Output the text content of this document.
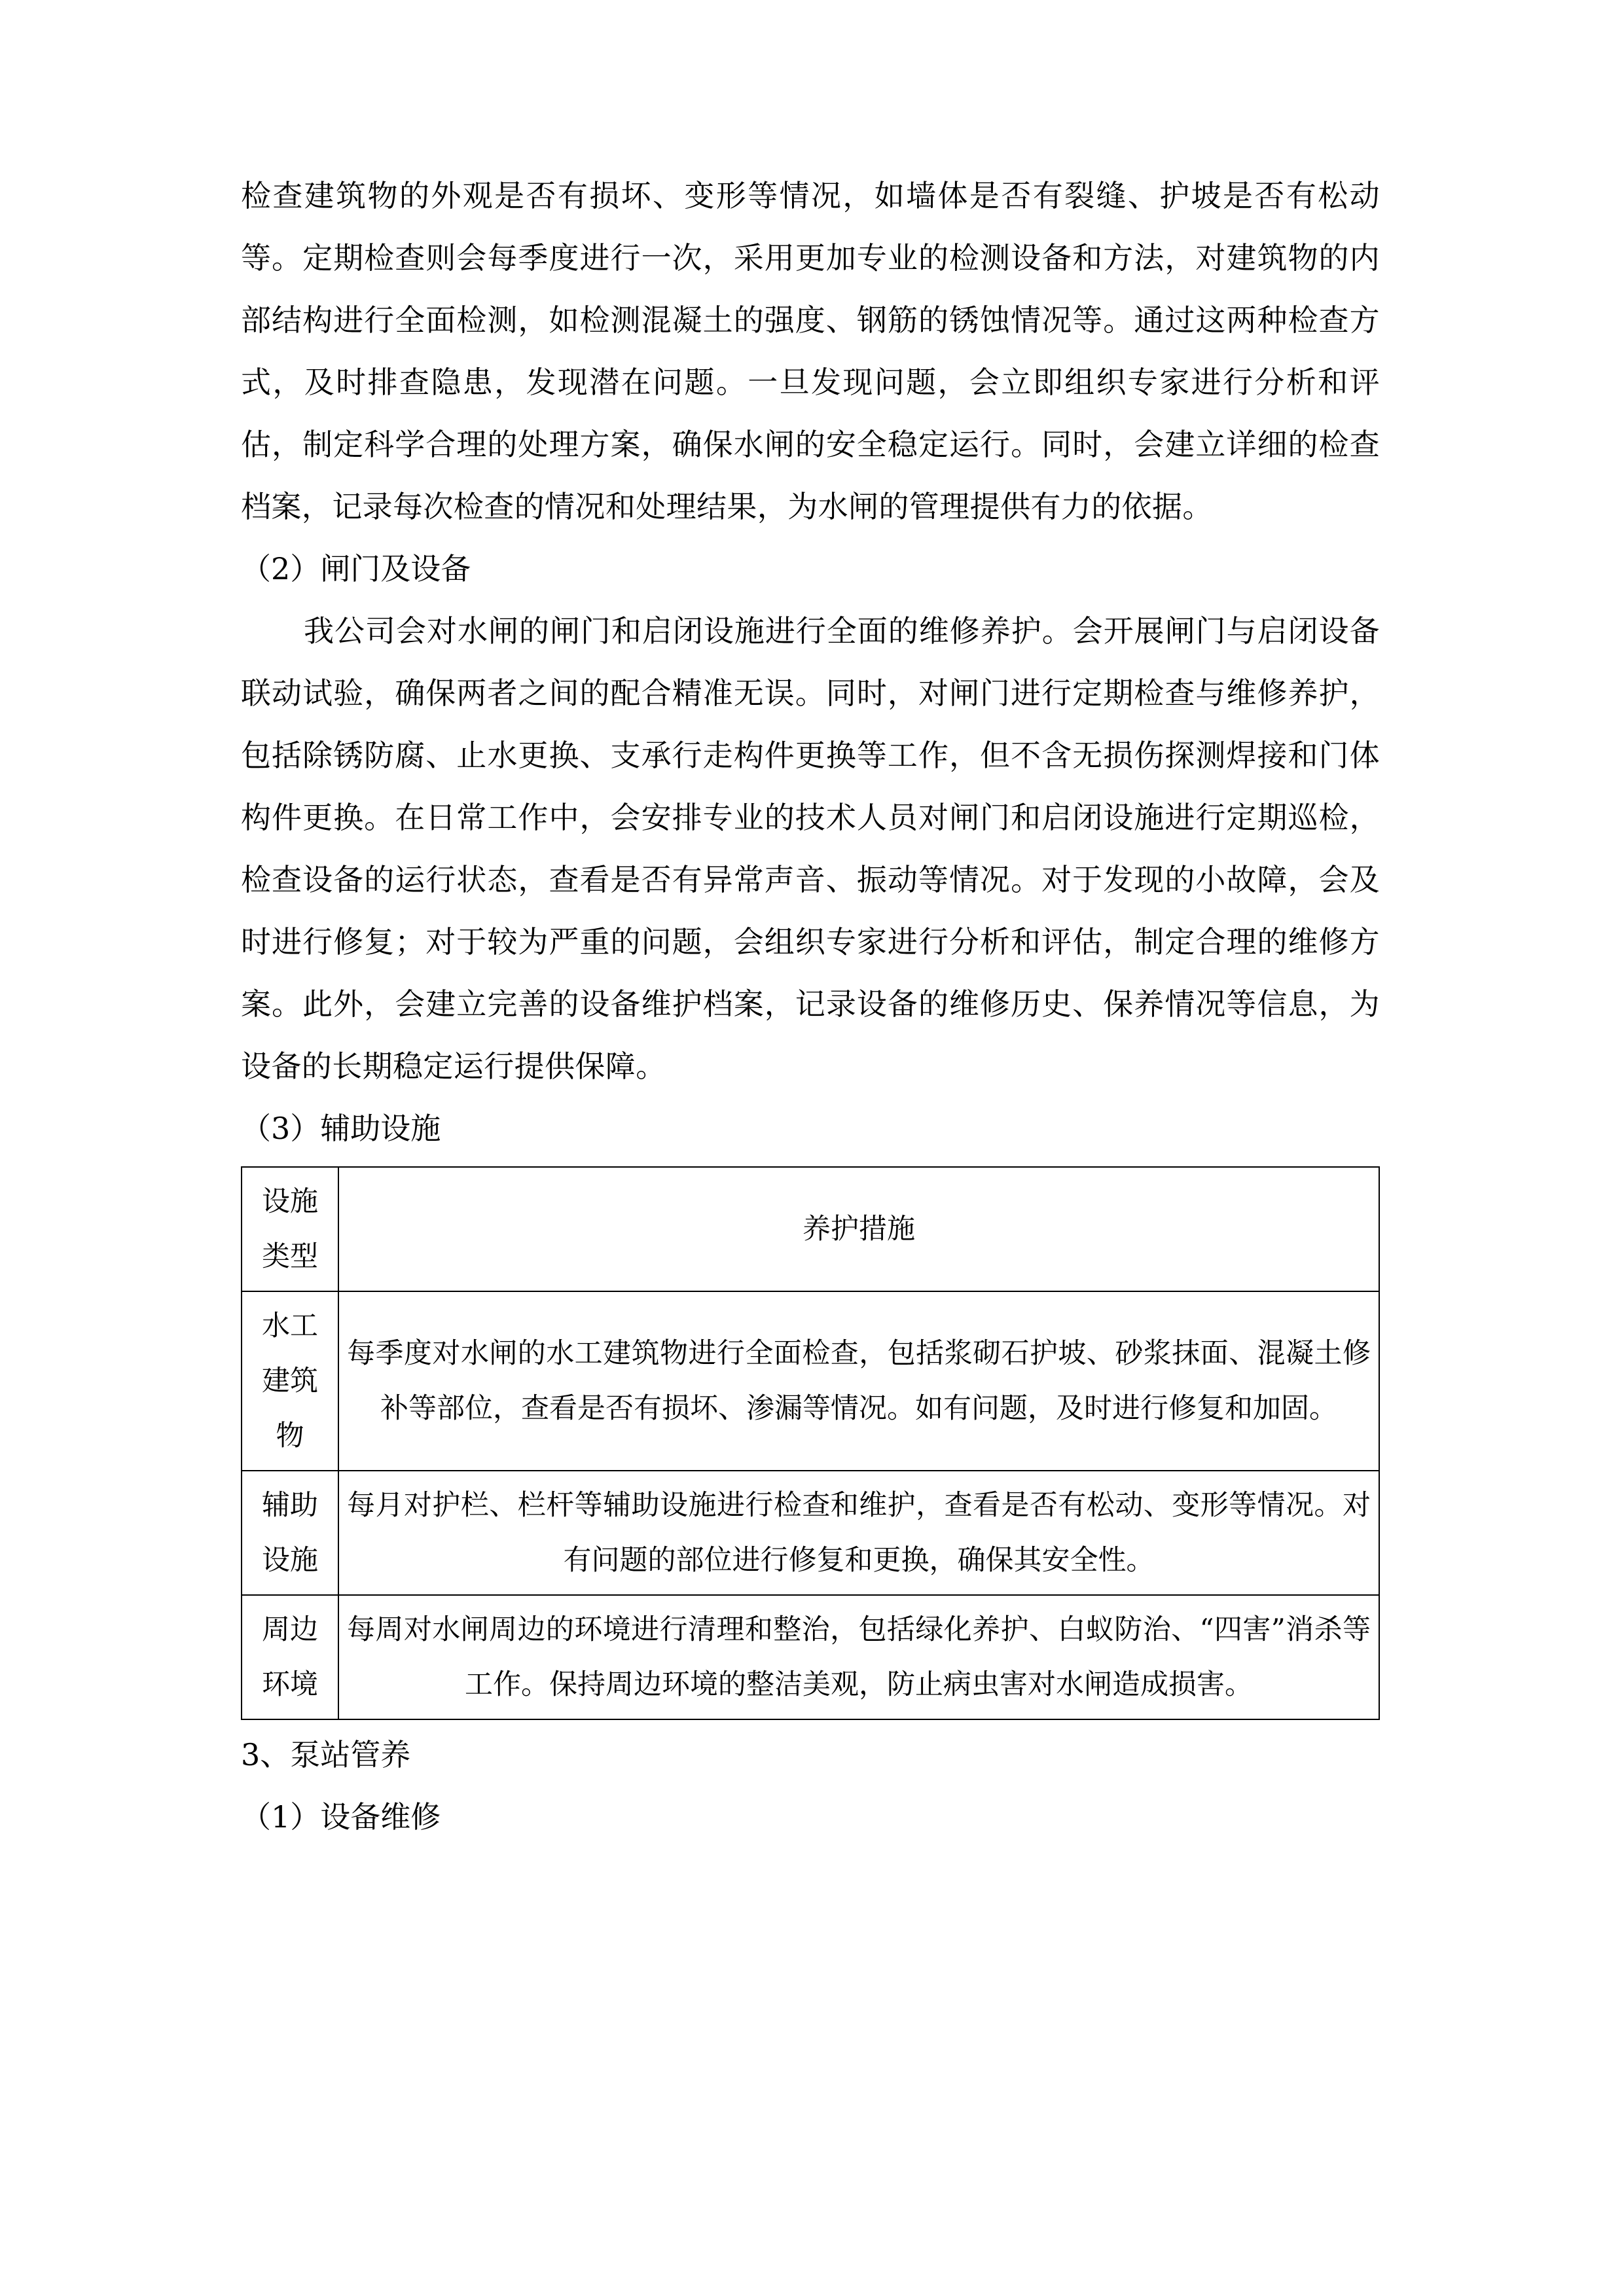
检查建筑物的外观是否有损坏、变形等情况，如墙体是否有裂缝、护坡是否有松动等。定期检查则会每季度进行一次，采用更加专业的检测设备和方法，对建筑物的内部结构进行全面检测，如检测混凝土的强度、钢筋的锈蚀情况等。通过这两种检查方式，及时排查隐患，发现潜在问题。一旦发现问题，会立即组织专家进行分析和评估，制定科学合理的处理方案，确保水闸的安全稳定运行。同时，会建立详细的检查档案，记录每次检查的情况和处理结果，为水闸的管理提供有力的依据。

（2）闸门及设备

我公司会对水闸的闸门和启闭设施进行全面的维修养护。会开展闸门与启闭设备联动试验，确保两者之间的配合精准无误。同时，对闸门进行定期检查与维修养护，包括除锈防腐、止水更换、支承行走构件更换等工作，但不含无损伤探测焊接和门体构件更换。在日常工作中，会安排专业的技术人员对闸门和启闭设施进行定期巡检，检查设备的运行状态，查看是否有异常声音、振动等情况。对于发现的小故障，会及时进行修复；对于较为严重的问题，会组织专家进行分析和评估，制定合理的维修方案。此外，会建立完善的设备维护档案，记录设备的维修历史、保养情况等信息，为设备的长期稳定运行提供保障。

（3）辅助设施

设施类型	养护措施
水工建筑物	每季度对水闸的水工建筑物进行全面检查，包括浆砌石护坡、砂浆抹面、混凝土修补等部位，查看是否有损坏、渗漏等情况。如有问题，及时进行修复和加固。
辅助设施	每月对护栏、栏杆等辅助设施进行检查和维护，查看是否有松动、变形等情况。对有问题的部位进行修复和更换，确保其安全性。
周边环境	每周对水闸周边的环境进行清理和整治，包括绿化养护、白蚁防治、“四害”消杀等工作。保持周边环境的整洁美观，防止病虫害对水闸造成损害。

3、泵站管养

（1）设备维修
